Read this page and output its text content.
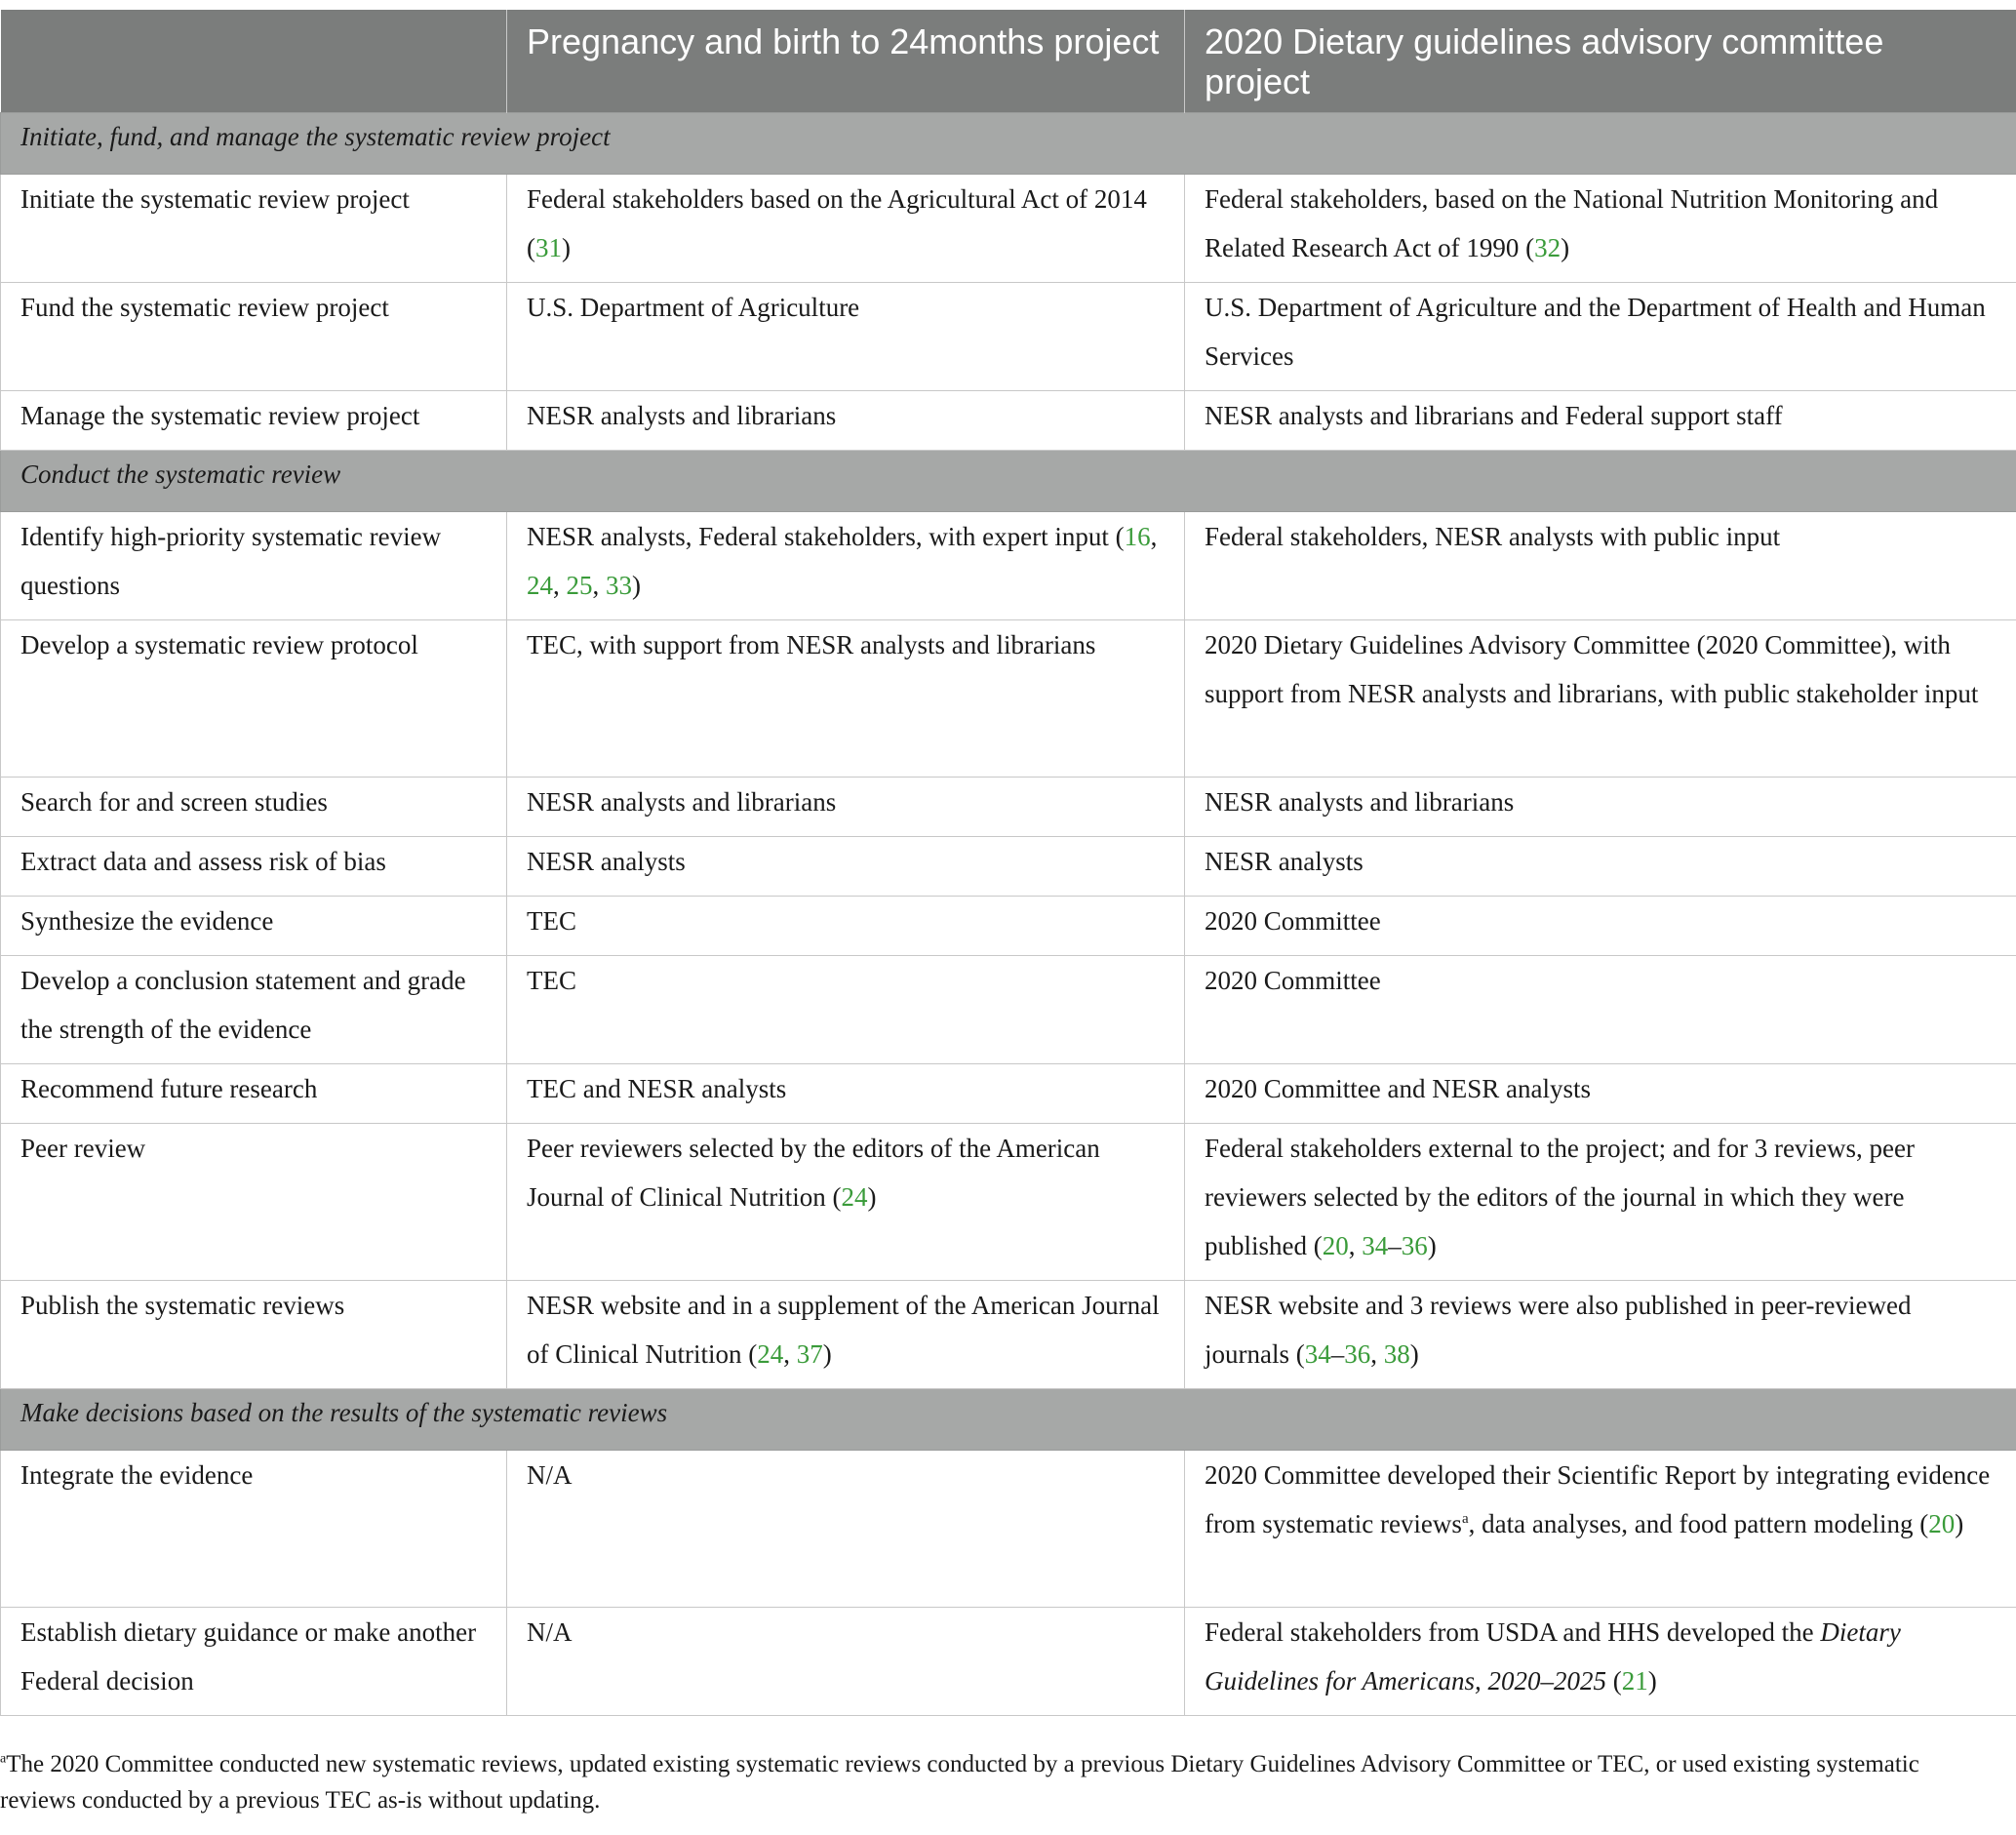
	Pregnancy and birth to 24months project	2020 Dietary guidelines advisory committee project
Initiate, fund, and manage the systematic review project		
Initiate the systematic review project	Federal stakeholders based on the Agricultural Act of 2014 (31)	Federal stakeholders, based on the National Nutrition Monitoring and Related Research Act of 1990 (32)
Fund the systematic review project	U.S. Department of Agriculture	U.S. Department of Agriculture and the Department of Health and Human Services
Manage the systematic review project	NESR analysts and librarians	NESR analysts and librarians and Federal support staff
Conduct the systematic review		
Identify high-priority systematic review questions	NESR analysts, Federal stakeholders, with expert input (16, 24, 25, 33)	Federal stakeholders, NESR analysts with public input
Develop a systematic review protocol	TEC, with support from NESR analysts and librarians	2020 Dietary Guidelines Advisory Committee (2020 Committee), with support from NESR analysts and librarians, with public stakeholder input
Search for and screen studies	NESR analysts and librarians	NESR analysts and librarians
Extract data and assess risk of bias	NESR analysts	NESR analysts
Synthesize the evidence	TEC	2020 Committee
Develop a conclusion statement and grade the strength of the evidence	TEC	2020 Committee
Recommend future research	TEC and NESR analysts	2020 Committee and NESR analysts
Peer review	Peer reviewers selected by the editors of the American Journal of Clinical Nutrition (24)	Federal stakeholders external to the project; and for 3 reviews, peer reviewers selected by the editors of the journal in which they were published (20, 34–36)
Publish the systematic reviews	NESR website and in a supplement of the American Journal of Clinical Nutrition (24, 37)	NESR website and 3 reviews were also published in peer-reviewed journals (34–36, 38)
Make decisions based on the results of the systematic reviews		
Integrate the evidence	N/A	2020 Committee developed their Scientific Report by integrating evidence from systematic reviews$^a$, data analyses, and food pattern modeling (20)
Establish dietary guidance or make another Federal decision	N/A	Federal stakeholders from USDA and HHS developed the Dietary Guidelines for Americans, 2020–2025 (21)
$^a$The 2020 Committee conducted new systematic reviews, updated existing systematic reviews conducted by a previous Dietary Guidelines Advisory Committee or TEC, or used existing systematic reviews conducted by a previous TEC as-is without updating.
